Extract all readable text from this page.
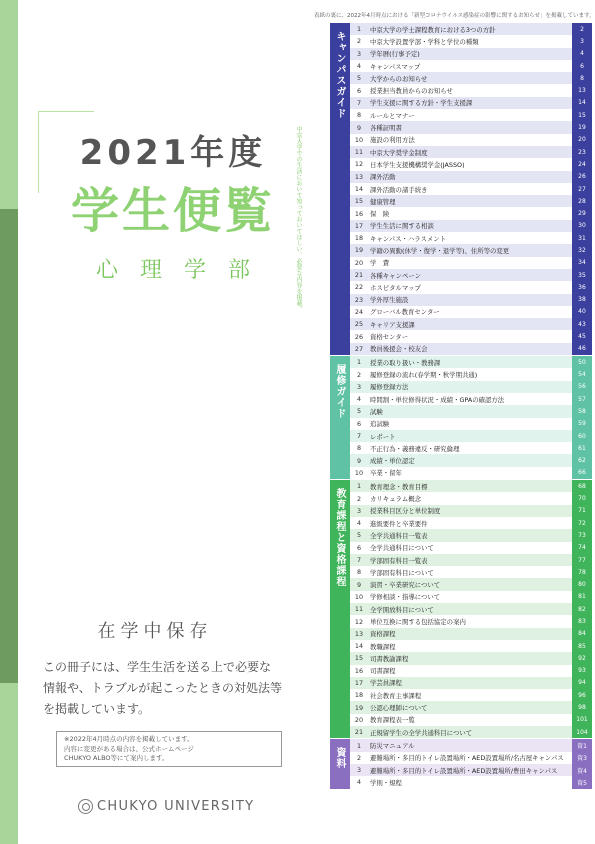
2021年度
学生便覧
心理学部	中京大学での生活において知っておいてほしい、必要な内容を掲載。
在学中保存
この冊子には、学生生活を送る上で必要な
情報や、トラブルが起こったときの対処法等
を掲載しています。
※2022年4月時点の内容を掲載しています。
内容に変更がある場合は、公式ホームページ
CHUKYO ALBO等にて案内します。
CHUKYO UNIVERSITY
表紙の裏に、2022年4月時点における「新型コロナウイルス感染症の影響に関するお知らせ」を掲載しています。
キャンパスガイド
1	中京大学の学士課程教育における3つの方針	2
2	中京大学設置学部・学科と学位の種類	3
3	学年暦(行事予定)	4
4	キャンパスマップ	6
5	大学からのお知らせ	8
6	授業担当教員からのお知らせ	13
7	学生支援に関する方針・学生支援課	14
8	ルールとマナー	15
9	各種証明書	19
10	施設の利用方法	20
11	中京大学奨学金制度	23
12	日本学生支援機構奨学金(JASSO)	24
13	課外活動	26
14	課外活動の諸手続き	27
15	健康管理	28
16	保　険	29
17	学生生活に関する相談	30
18	キャンパス・ハラスメント	31
19	学籍の異動(休学・復学・退学等)、住所等の変更	32
20	学　費	34
21	各種キャンペーン	35
22	ホスピタルマップ	36
23	学外厚生施設	38
24	グローバル教育センター	40
25	キャリア支援課	43
26	資格センター	45
27	教員後援会・校友会	46
履修ガイド
1	授業の取り扱い・教務課	50
2	履修登録の流れ(春学期・秋学期共通)	54
3	履修登録方法	56
4	時間割・単位修得状況・成績・GPAの確認方法	57
5	試験	58
6	追試験	59
7	レポート	60
8	不正行為・義務違反・研究倫理	61
9	成績・単位認定	62
10	卒業・留年	66
教育課程と資格課程
1	教育理念・教育目標	68
2	カリキュラム概念	70
3	授業科目区分と単位制度	71
4	進級要件と卒業要件	72
5	全学共通科目一覧表	73
6	全学共通科目について	74
7	学部固有科目一覧表	77
8	学部固有科目について	78
9	演習・卒業研究について	80
10	学修相談・指導について	81
11	全学開放科目について	82
12	単位互換に関する包括協定の案内	83
13	資格課程	84
14	教職課程	85
15	司書教諭課程	92
16	司書課程	93
17	学芸員課程	94
18	社会教育主事課程	96
19	公認心理師について	98
20	教育課程表一覧	101
21	正規留学生の全学共通科目について	104
資料
1	防災マニュアル	資1
2	避難場所・多目的トイレ設置場所・AED設置場所/名古屋キャンパス	資3
3	避難場所・多目的トイレ設置場所・AED設置場所/豊田キャンパス	資4
4	学則・規程	資5
